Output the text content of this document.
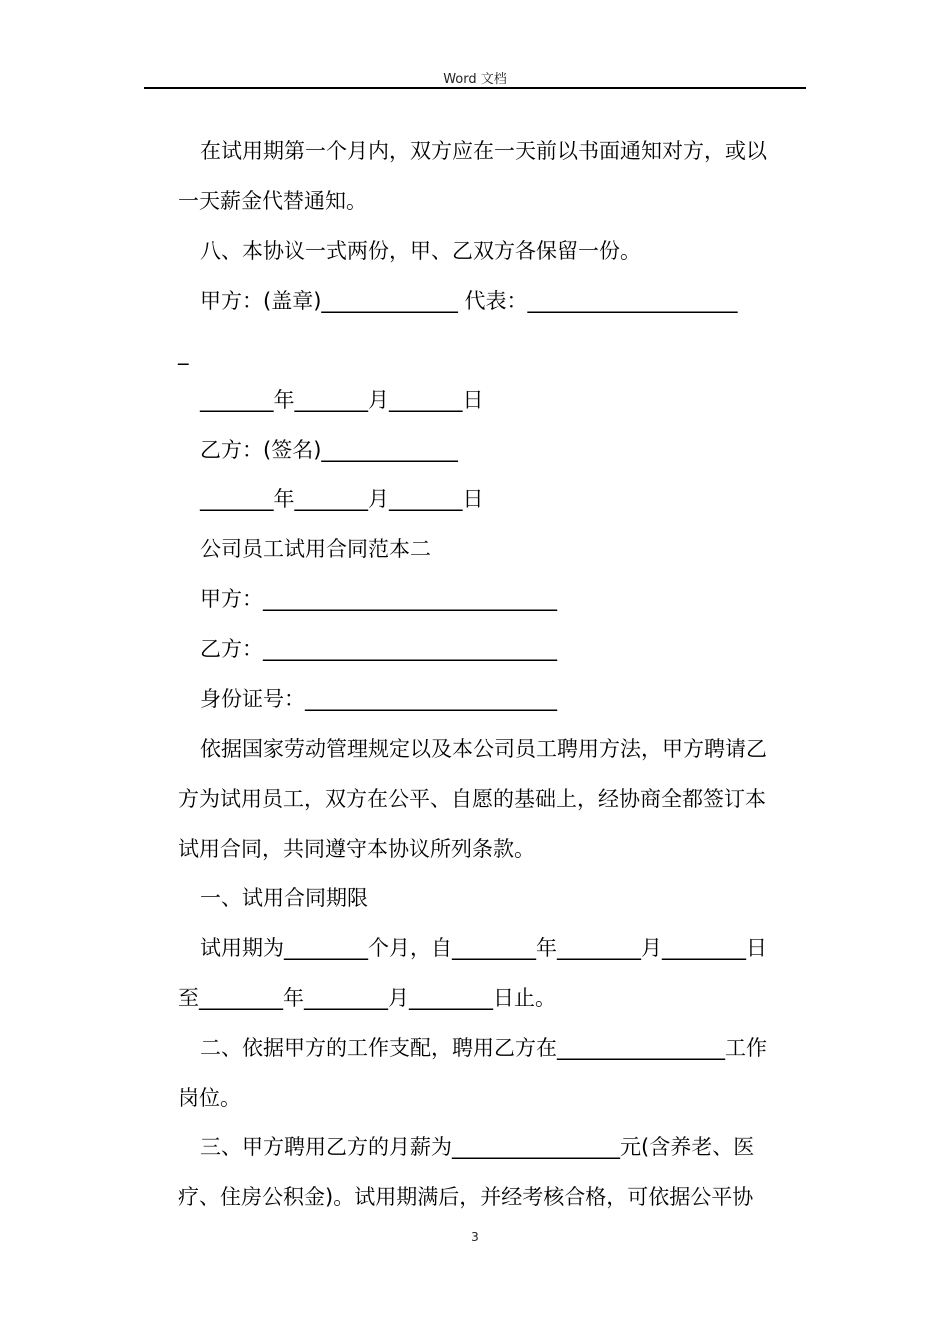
Word 文档
在试用期第一个月内，双方应在一天前以书面通知对方，或以
一天薪金代替通知。
八、本协议一式两份，甲、乙双方各保留一份。
甲方：(盖章)_____________ 代表：____________________
_
_______年_______月_______日
乙方：(签名)_____________
_______年_______月_______日
公司员工试用合同范本二
甲方：____________________________
乙方：____________________________
身份证号：________________________
依据国家劳动管理规定以及本公司员工聘用方法，甲方聘请乙
方为试用员工，双方在公平、自愿的基础上，经协商全都签订本
试用合同，共同遵守本协议所列条款。
一、试用合同期限
试用期为________个月，自________年________月________日
至________年________月________日止。
二、依据甲方的工作支配，聘用乙方在________________工作
岗位。
三、甲方聘用乙方的月薪为________________元(含养老、医
疗、住房公积金)。试用期满后，并经考核合格，可依据公平协
3
